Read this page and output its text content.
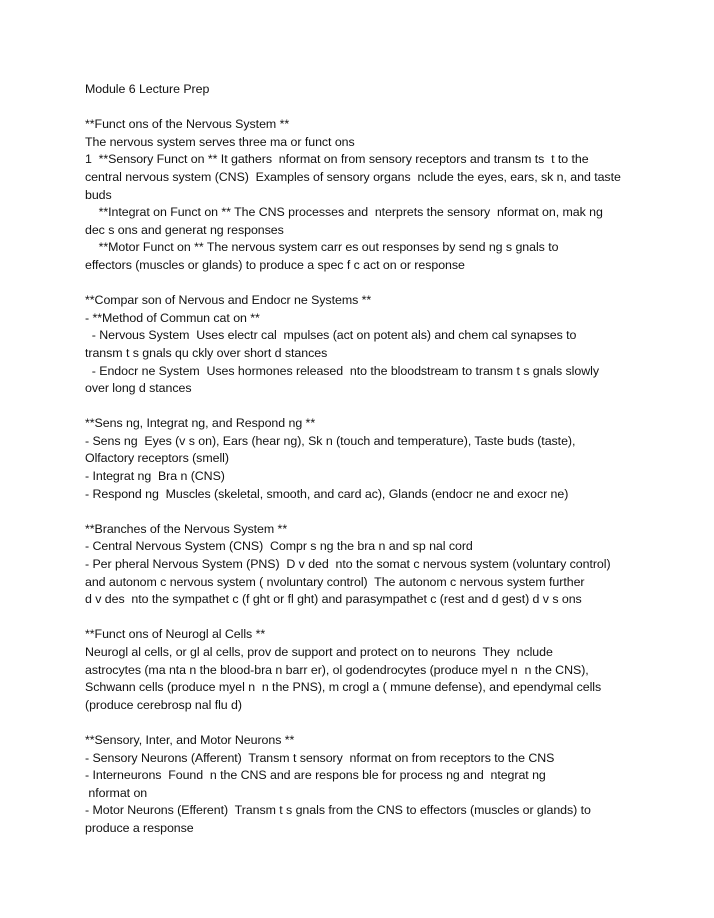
Module 6 Lecture Prep
**Funct ons of the Nervous System **
The nervous system serves three ma or funct ons
1  **Sensory Funct on ** It gathers  nformat on from sensory receptors and transm ts  t to the
central nervous system (CNS)  Examples of sensory organs  nclude the eyes, ears, sk n, and taste
buds
**Integrat on Funct on ** The CNS processes and  nterprets the sensory  nformat on, mak ng
dec s ons and generat ng responses
**Motor Funct on ** The nervous system carr es out responses by send ng s gnals to
effectors (muscles or glands) to produce a spec f c act on or response
**Compar son of Nervous and Endocr ne Systems **
- **Method of Commun cat on **
- Nervous System  Uses electr cal  mpulses (act on potent als) and chem cal synapses to
transm t s gnals qu ckly over short d stances
- Endocr ne System  Uses hormones released  nto the bloodstream to transm t s gnals slowly
over long d stances
**Sens ng, Integrat ng, and Respond ng **
- Sens ng  Eyes (v s on), Ears (hear ng), Sk n (touch and temperature), Taste buds (taste),
Olfactory receptors (smell)
- Integrat ng  Bra n (CNS)
- Respond ng  Muscles (skeletal, smooth, and card ac), Glands (endocr ne and exocr ne)
**Branches of the Nervous System **
- Central Nervous System (CNS)  Compr s ng the bra n and sp nal cord
- Per pheral Nervous System (PNS)  D v ded  nto the somat c nervous system (voluntary control)
and autonom c nervous system ( nvoluntary control)  The autonom c nervous system further
d v des  nto the sympathet c (f ght or fl ght) and parasympathet c (rest and d gest) d v s ons
**Funct ons of Neurogl al Cells **
Neurogl al cells, or gl al cells, prov de support and protect on to neurons  They  nclude
astrocytes (ma nta n the blood-bra n barr er), ol godendrocytes (produce myel n  n the CNS),
Schwann cells (produce myel n  n the PNS), m crogl a ( mmune defense), and ependymal cells
(produce cerebrosp nal flu d)
**Sensory, Inter, and Motor Neurons **
- Sensory Neurons (Afferent)  Transm t sensory  nformat on from receptors to the CNS
- Interneurons  Found  n the CNS and are respons ble for process ng and  ntegrat ng
nformat on
- Motor Neurons (Efferent)  Transm t s gnals from the CNS to effectors (muscles or glands) to
produce a response
